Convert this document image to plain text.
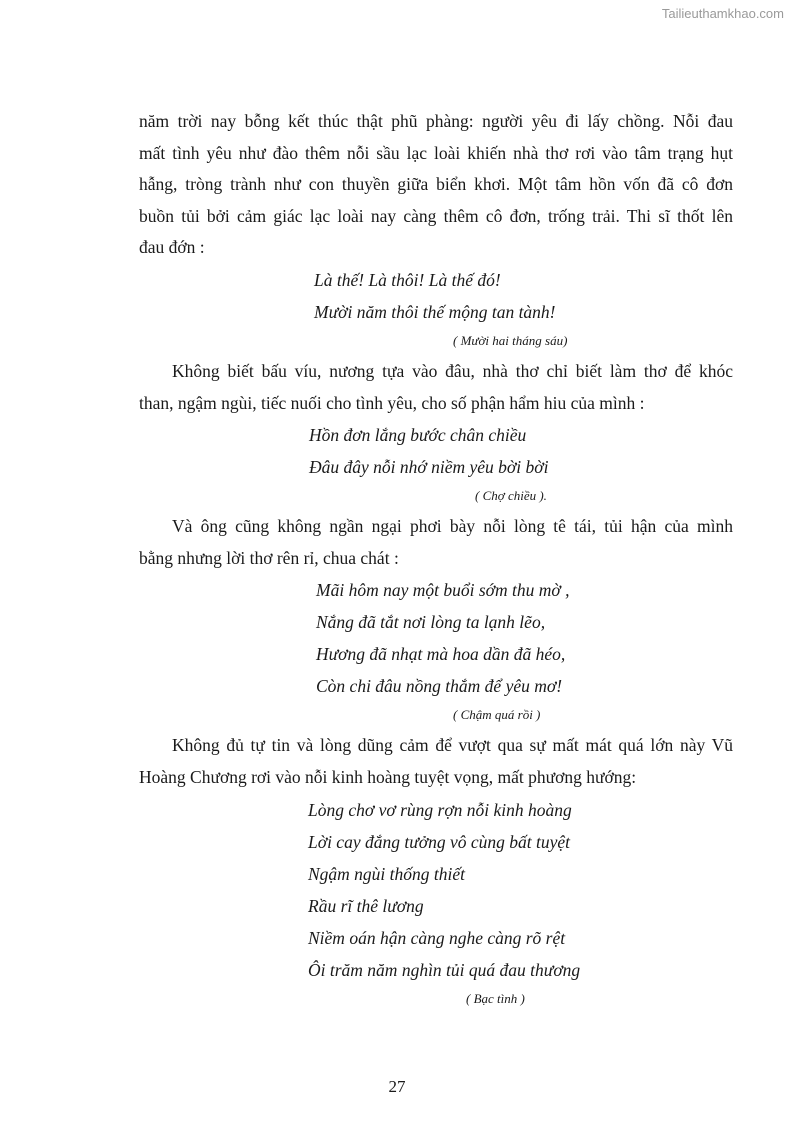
Tailieuthamkhao.com

năm trời nay bỗng kết thúc thật phũ phàng: người yêu đi lấy chồng. Nỗi đau
mất tình yêu như đào thêm nỗi sầu lạc loài khiến nhà thơ rơi vào tâm trạng hụt
hẫng, tròng trành như con thuyền giữa biển khơi. Một tâm hồn vốn đã cô đơn
buồn tủi bởi cảm giác lạc loài nay càng thêm cô đơn, trống trải. Thi sĩ thốt lên
đau đớn :

Là thế! Là thôi! Là thế đó!
Mười năm thôi thế mộng tan tành!
( Mười hai tháng sáu)

Không biết bấu víu, nương tựa vào đâu, nhà thơ chỉ biết làm thơ để khóc
than, ngậm ngùi, tiếc nuối cho tình yêu, cho số phận hẩm hiu của mình :

Hồn đơn lắng bước chân chiều
Đâu đây nỗi nhớ niềm yêu bời bời
( Chợ chiều ).

Và ông cũng không ngần ngại phơi bày nỗi lòng tê tái, tủi hận của mình
bằng nhưng lời thơ rên rỉ, chua chát :

Mãi hôm nay một buổi sớm thu mờ ,
Nắng đã tắt nơi lòng ta lạnh lẽo,
Hương đã nhạt mà hoa dần đã héo,
Còn chi đâu nồng thắm để yêu mơ!
( Chậm quá rồi )

Không đủ tự tin và lòng dũng cảm để vượt qua sự mất mát quá lớn này Vũ
Hoàng Chương rơi vào nỗi kinh hoàng tuyệt vọng, mất phương hướng:

Lòng chơ vơ rùng rợn nỗi kinh hoàng
Lời cay đắng tưởng vô cùng bất tuyệt
Ngậm ngùi thống thiết
Rầu rĩ thê lương
Niềm oán hận càng nghe càng rõ rệt
Ôi trăm năm nghìn tủi quá đau thương
( Bạc tình )
27
